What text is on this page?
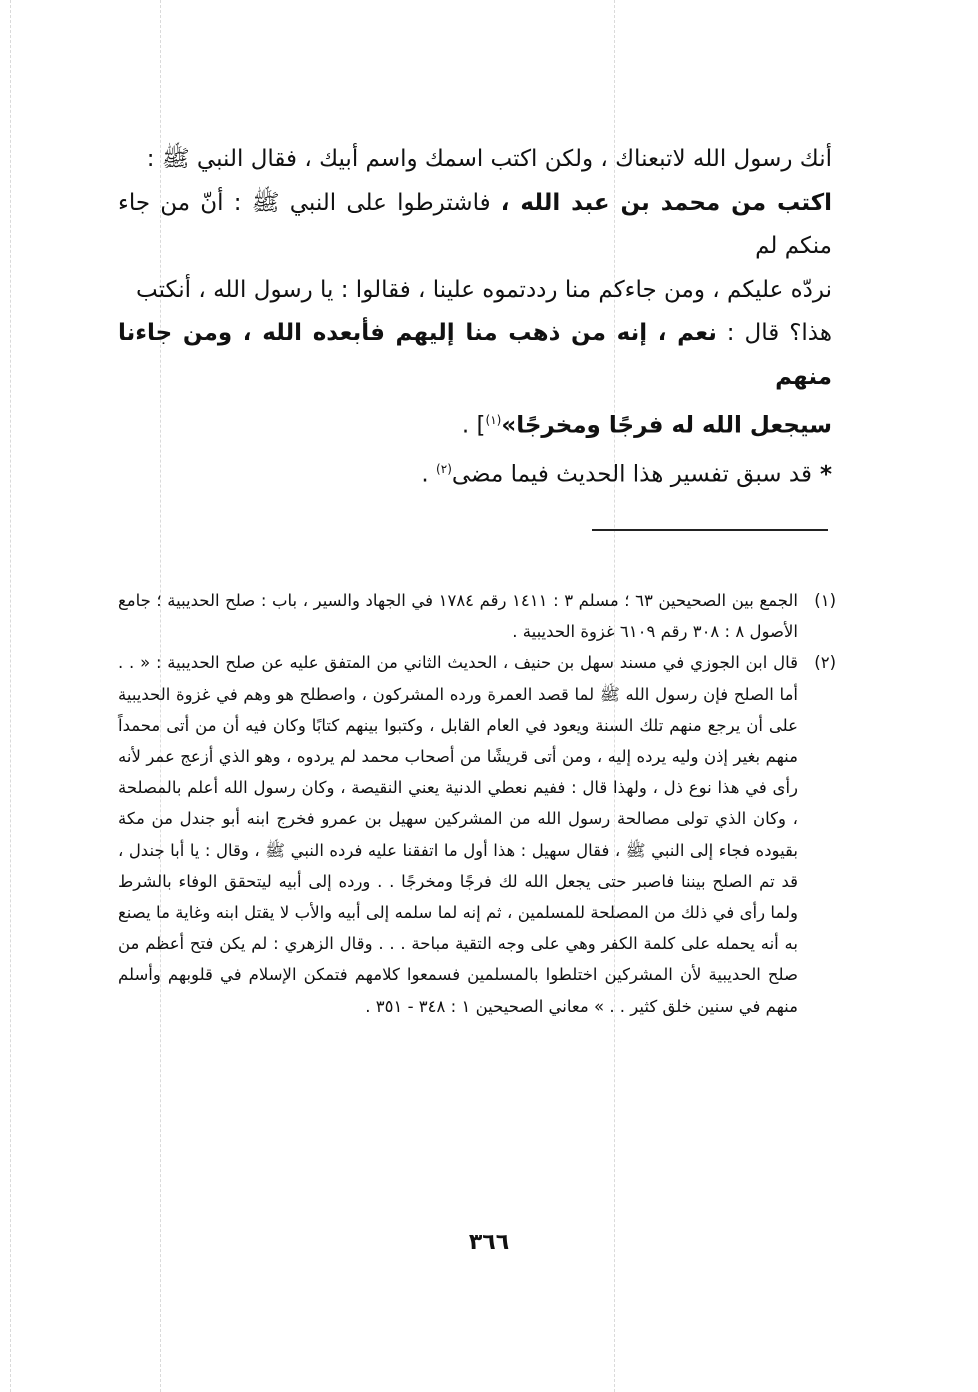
أنك رسول الله لاتبعناك ، ولكن اكتب اسمك واسم أبيك ، فقال النبي ﷺ :

اكتب من محمد بن عبد الله ، فاشترطوا على النبي ﷺ : أنّ من جاء منكم لم

نردّه عليكم ، ومن جاءكم منا رددتموه علينا ، فقالوا : يا رسول الله ، أنكتب

هذا؟ قال : نعم ، إنه من ذهب منا إليهم فأبعده الله ، ومن جاءنا منهم

سيجعل الله له فرجًا ومخرجًا»$^{(١)}$] .

*قد سبق تفسير هذا الحديث فيما مضى$^{(٢)}$ .

(١)
الجمع بين الصحيحين ٦٣ ؛ مسلم ٣ : ١٤١١ رقم ١٧٨٤ في الجهاد والسير ، باب : صلح الحديبية ؛ جامع الأصول ٨ : ٣٠٨ رقم ٦١٠٩ غزوة الحديبية .
(٢)
قال ابن الجوزي في مسند سهل بن حنيف ، الحديث الثاني من المتفق عليه عن صلح الحديبية : « . . أما الصلح فإن رسول الله ﷺ لما قصد العمرة ورده المشركون ، واصطلح هو وهم في غزوة الحديبية على أن يرجع منهم تلك السنة ويعود في العام القابل ، وكتبوا بينهم كتابًا وكان فيه أن من أتى محمداً منهم بغير إذن وليه يرده إليه ، ومن أتى قريشًا من أصحاب محمد لم يردوه ، وهو الذي أزعج عمر لأنه رأى في هذا نوع ذل ، ولهذا قال : ففيم نعطي الدنية يعني النقيصة ، وكان رسول الله أعلم بالمصلحة ، وكان الذي تولى مصالحة رسول الله من المشركين سهيل بن عمرو فخرج ابنه أبو جندل من مكة بقيوده فجاء إلى النبي ﷺ ، فقال سهيل : هذا أول ما اتفقنا عليه فرده النبي ﷺ ، وقال : يا أبا جندل ، قد تم الصلح بيننا فاصبر حتى يجعل الله لك فرجًا ومخرجًا . . ورده إلى أبيه ليتحقق الوفاء بالشرط ولما رأى في ذلك من المصلحة للمسلمين ، ثم إنه لما سلمه إلى أبيه والأب لا يقتل ابنه وغاية ما يصنع به أنه يحمله على كلمة الكفر وهي على وجه التقية مباحة . . . وقال الزهري : لم يكن فتح أعظم من صلح الحديبية لأن المشركين اختلطوا بالمسلمين فسمعوا كلامهم فتمكن الإسلام في قلوبهم وأسلم منهم في سنين خلق كثير . . » معاني الصحيحين ١ : ٣٤٨ - ٣٥١ .
٣٦٦
